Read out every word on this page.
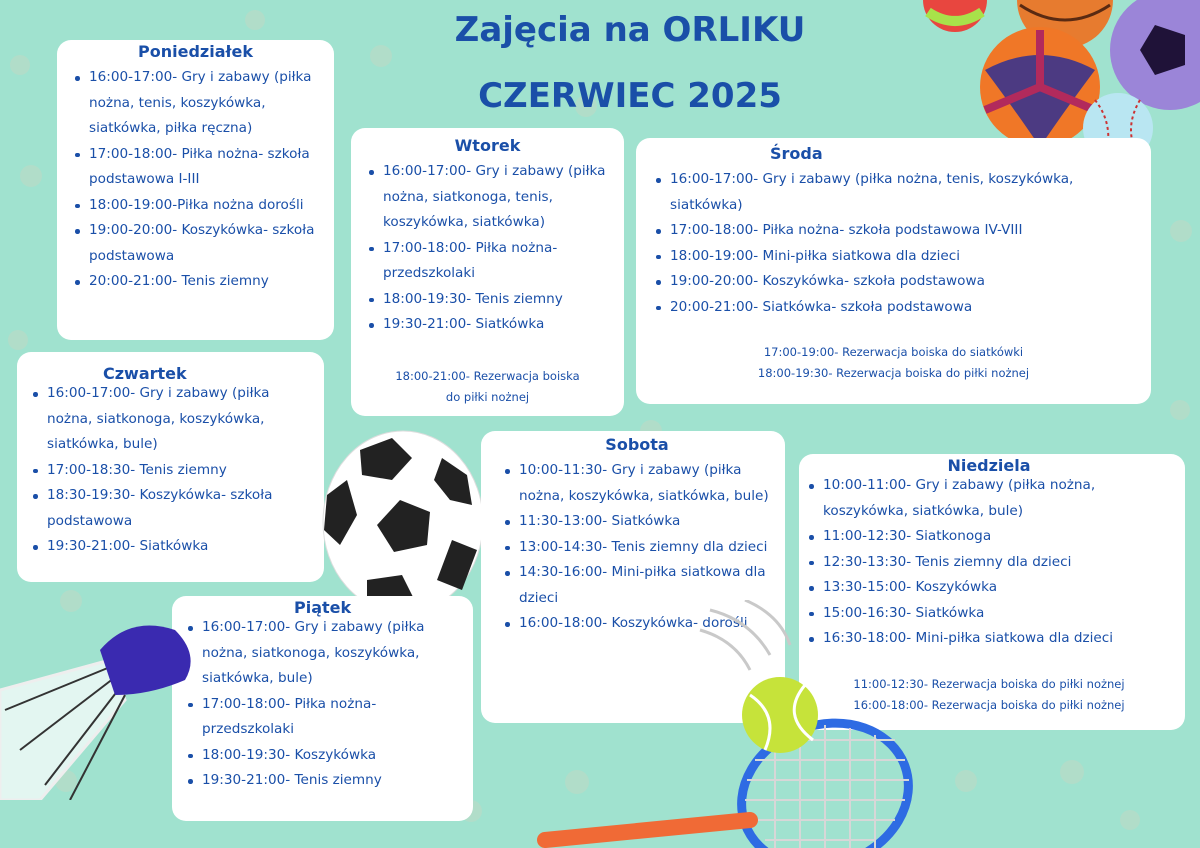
Zajęcia na ORLIKU
CZERWIEC 2025
Poniedziałek
16:00-17:00- Gry i zabawy (piłka nożna, tenis, koszykówka, siatkówka, piłka ręczna)
17:00-18:00- Piłka nożna- szkoła podstawowa I-III
18:00-19:00-Piłka nożna dorośli
19:00-20:00- Koszykówka- szkoła podstawowa
20:00-21:00- Tenis ziemny
Wtorek
16:00-17:00- Gry i zabawy (piłka nożna, siatkonoga, tenis, koszykówka, siatkówka)
17:00-18:00- Piłka nożna- przedszkolaki
18:00-19:30- Tenis ziemny
19:30-21:00- Siatkówka
18:00-21:00- Rezerwacja boiska
do piłki nożnej
Środa
16:00-17:00- Gry i zabawy (piłka nożna, tenis, koszykówka, siatkówka)
17:00-18:00- Piłka nożna- szkoła podstawowa IV-VIII
18:00-19:00- Mini-piłka siatkowa dla dzieci
19:00-20:00- Koszykówka- szkoła podstawowa
20:00-21:00- Siatkówka- szkoła podstawowa
17:00-19:00- Rezerwacja boiska do siatkówki
18:00-19:30- Rezerwacja boiska do piłki nożnej
Czwartek
16:00-17:00- Gry i zabawy (piłka nożna, siatkonoga, koszykówka, siatkówka, bule)
17:00-18:30- Tenis ziemny
18:30-19:30- Koszykówka- szkoła podstawowa
19:30-21:00- Siatkówka
Piątek
16:00-17:00- Gry i zabawy (piłka nożna, siatkonoga, koszykówka, siatkówka, bule)
17:00-18:00- Piłka nożna- przedszkolaki
18:00-19:30- Koszykówka
19:30-21:00- Tenis ziemny
Sobota
10:00-11:30- Gry i zabawy (piłka nożna, koszykówka, siatkówka, bule)
11:30-13:00- Siatkówka
13:00-14:30- Tenis ziemny dla dzieci
14:30-16:00- Mini-piłka siatkowa dla dzieci
16:00-18:00- Koszykówka- dorośli
Niedziela
10:00-11:00- Gry i zabawy (piłka nożna, koszykówka, siatkówka, bule)
11:00-12:30- Siatkonoga
12:30-13:30- Tenis ziemny dla dzieci
13:30-15:00- Koszykówka
15:00-16:30- Siatkówka
16:30-18:00- Mini-piłka siatkowa dla dzieci
11:00-12:30- Rezerwacja boiska do piłki nożnej
16:00-18:00- Rezerwacja boiska do piłki nożnej
